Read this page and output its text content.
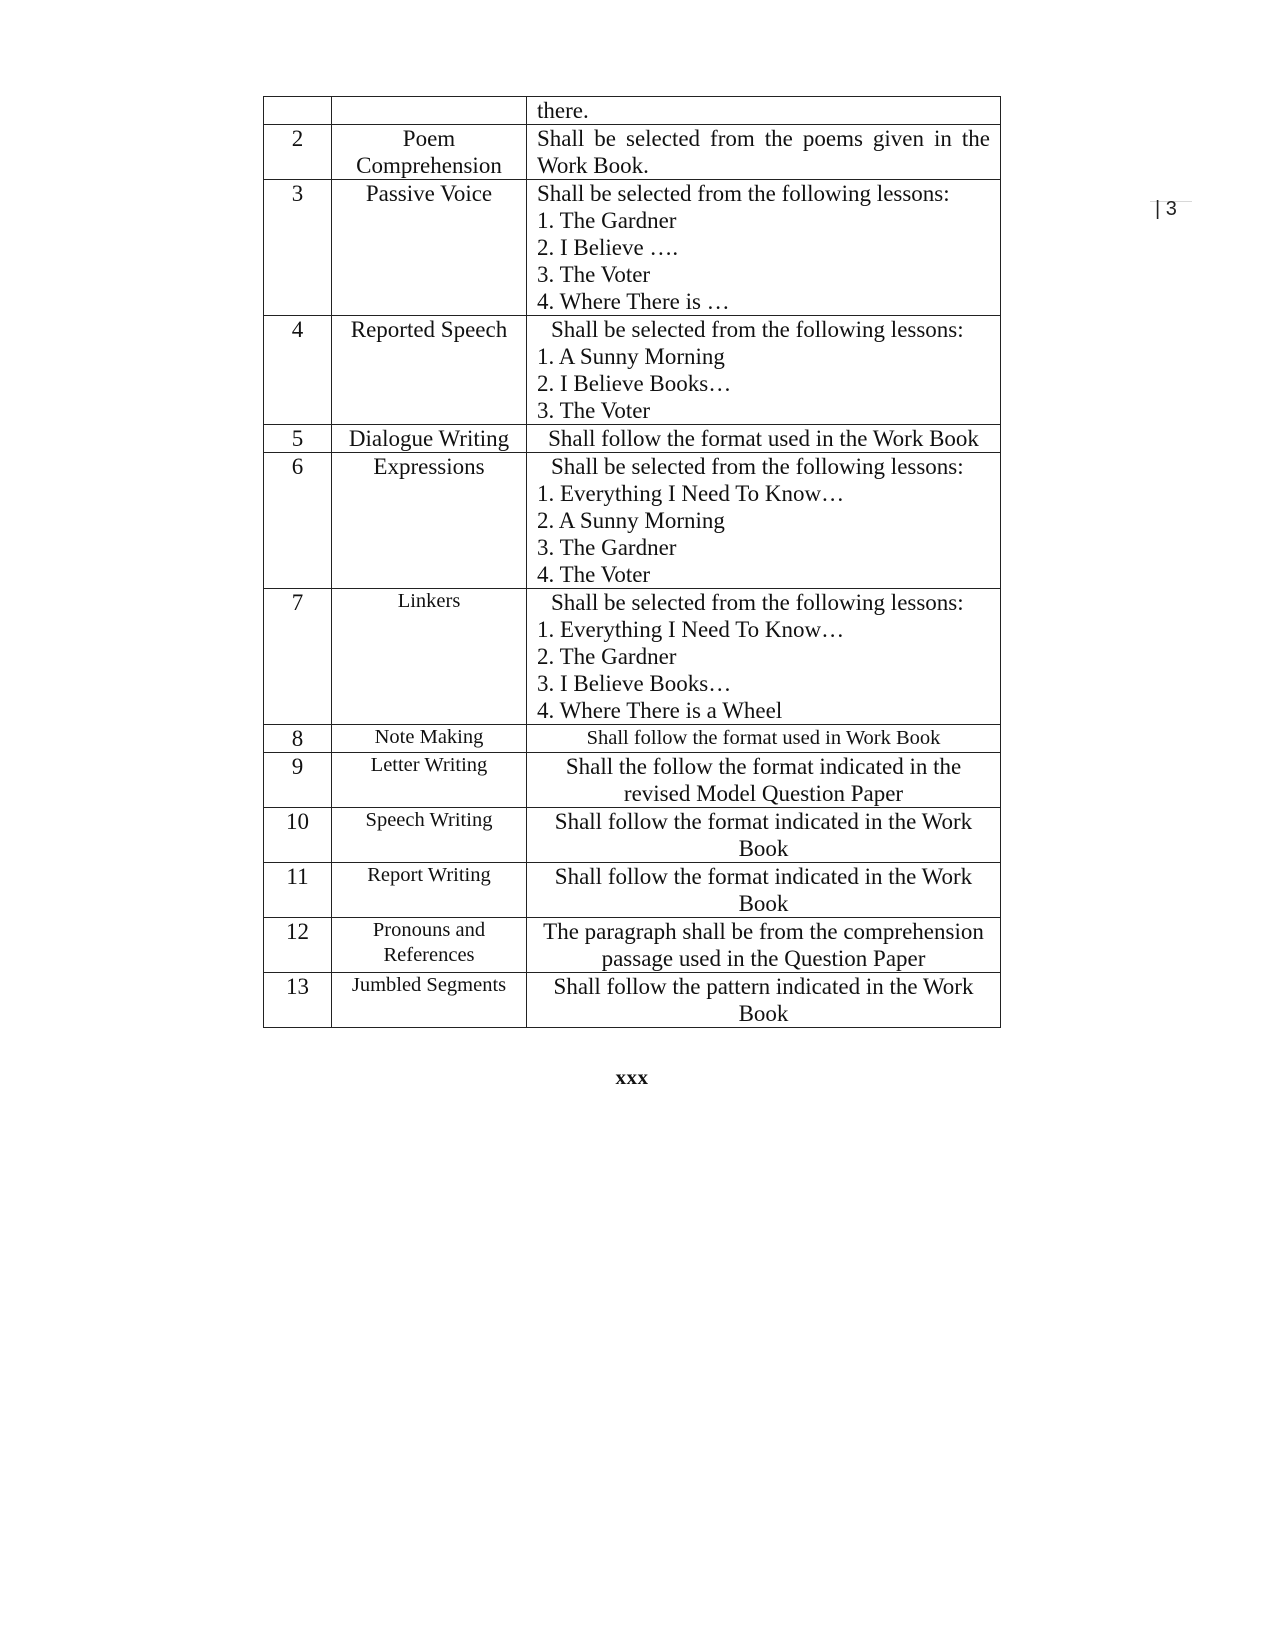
| 3

		there.

2	Poem Comprehension	Shall be selected from the poems given in the Work Book.

3	Passive Voice	Shall be selected from the following lessons:
1. The Gardner
2. I Believe ….
3. The Voter
4. Where There is …

4	Reported Speech	Shall be selected from the following lessons:
1. A Sunny Morning
2. I Believe Books…
3. The Voter

5	Dialogue Writing	Shall follow the format used in the Work Book

6	Expressions	Shall be selected from the following lessons:
1. Everything I Need To Know…
2. A Sunny Morning
3. The Gardner
4. The Voter

7	Linkers	Shall be selected from the following lessons:
1. Everything I Need To Know…
2. The Gardner
3. I Believe Books…
4. Where There is a Wheel

8	Note Making	Shall follow the format used in Work Book

9	Letter Writing	Shall the follow the format indicated in the revised Model Question Paper

10	Speech Writing	Shall follow the format indicated in the Work Book

11	Report Writing	Shall follow the format indicated in the Work Book

12	Pronouns and References	The paragraph shall be from the comprehension passage used in the Question Paper

13	Jumbled Segments	Shall follow the pattern indicated in the Work Book
xxx
